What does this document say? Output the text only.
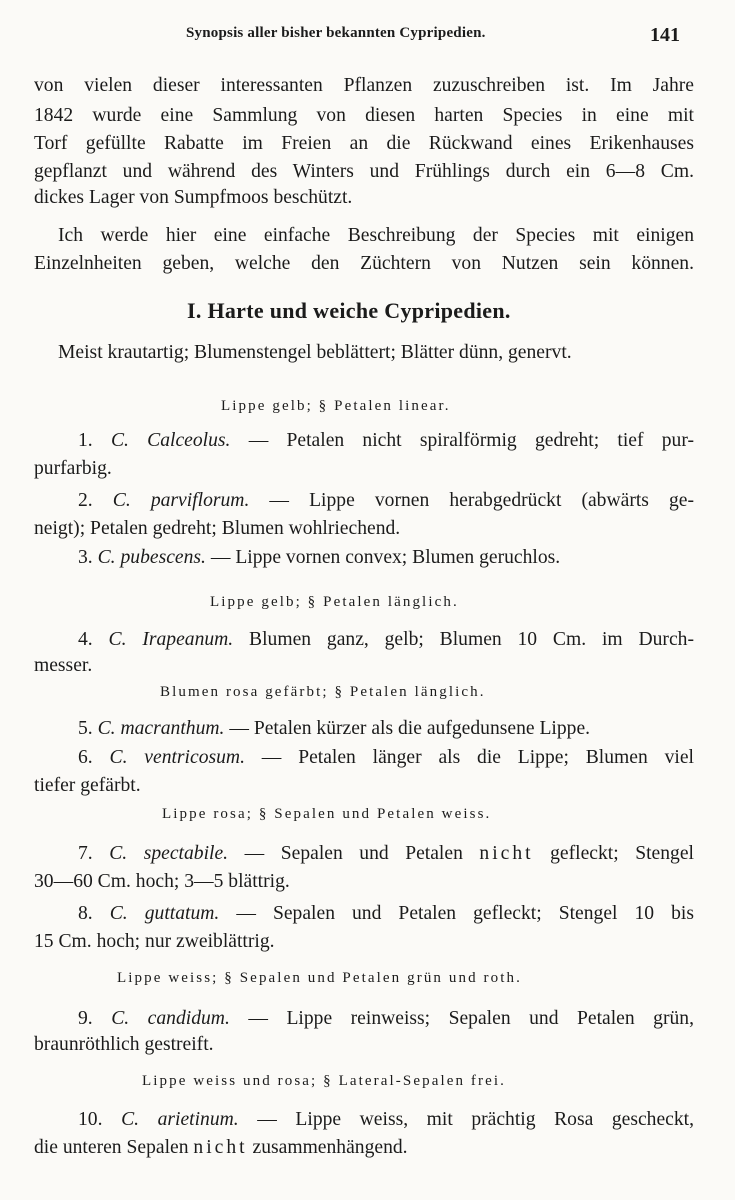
Synopsis aller bisher bekannten Cypripedien.	141
von vielen dieser interessanten Pflanzen zuzuschreiben ist. Im Jahre
1842 wurde eine Sammlung von diesen harten Species in eine mit
Torf gefüllte Rabatte im Freien an die Rückwand eines Erikenhauses
gepflanzt und während des Winters und Frühlings durch ein 6—8 Cm.
dickes Lager von Sumpfmoos beschützt.
Ich werde hier eine einfache Beschreibung der Species mit einigen
Einzelnheiten geben, welche den Züchtern von Nutzen sein können.
I. Harte und weiche Cypripedien.
Meist krautartig; Blumenstengel beblättert; Blätter dünn, genervt.
Lippe gelb; § Petalen linear.
1. C. Calceolus. — Petalen nicht spiralförmig gedreht; tief pur-
purfarbig.
2. C. parviflorum. — Lippe vornen herabgedrückt (abwärts ge-
neigt); Petalen gedreht; Blumen wohlriechend.
3. C. pubescens. — Lippe vornen convex; Blumen geruchlos.
Lippe gelb; § Petalen länglich.
4. C. Irapeanum. Blumen ganz, gelb; Blumen 10 Cm. im Durch-
messer.
Blumen rosa gefärbt; § Petalen länglich.
5. C. macranthum. — Petalen kürzer als die aufgedunsene Lippe.
6. C. ventricosum. — Petalen länger als die Lippe; Blumen viel
tiefer gefärbt.
Lippe rosa; § Sepalen und Petalen weiss.
7. C. spectabile. — Sepalen und Petalen nicht gefleckt; Stengel
30—60 Cm. hoch; 3—5 blättrig.
8. C. guttatum. — Sepalen und Petalen gefleckt; Stengel 10 bis
15 Cm. hoch; nur zweiblättrig.
Lippe weiss; § Sepalen und Petalen grün und roth.
9. C. candidum. — Lippe reinweiss; Sepalen und Petalen grün,
braunröthlich gestreift.
Lippe weiss und rosa; § Lateral-Sepalen frei.
10. C. arietinum. — Lippe weiss, mit prächtig Rosa gescheckt,
die unteren Sepalen nicht zusammenhängend.
